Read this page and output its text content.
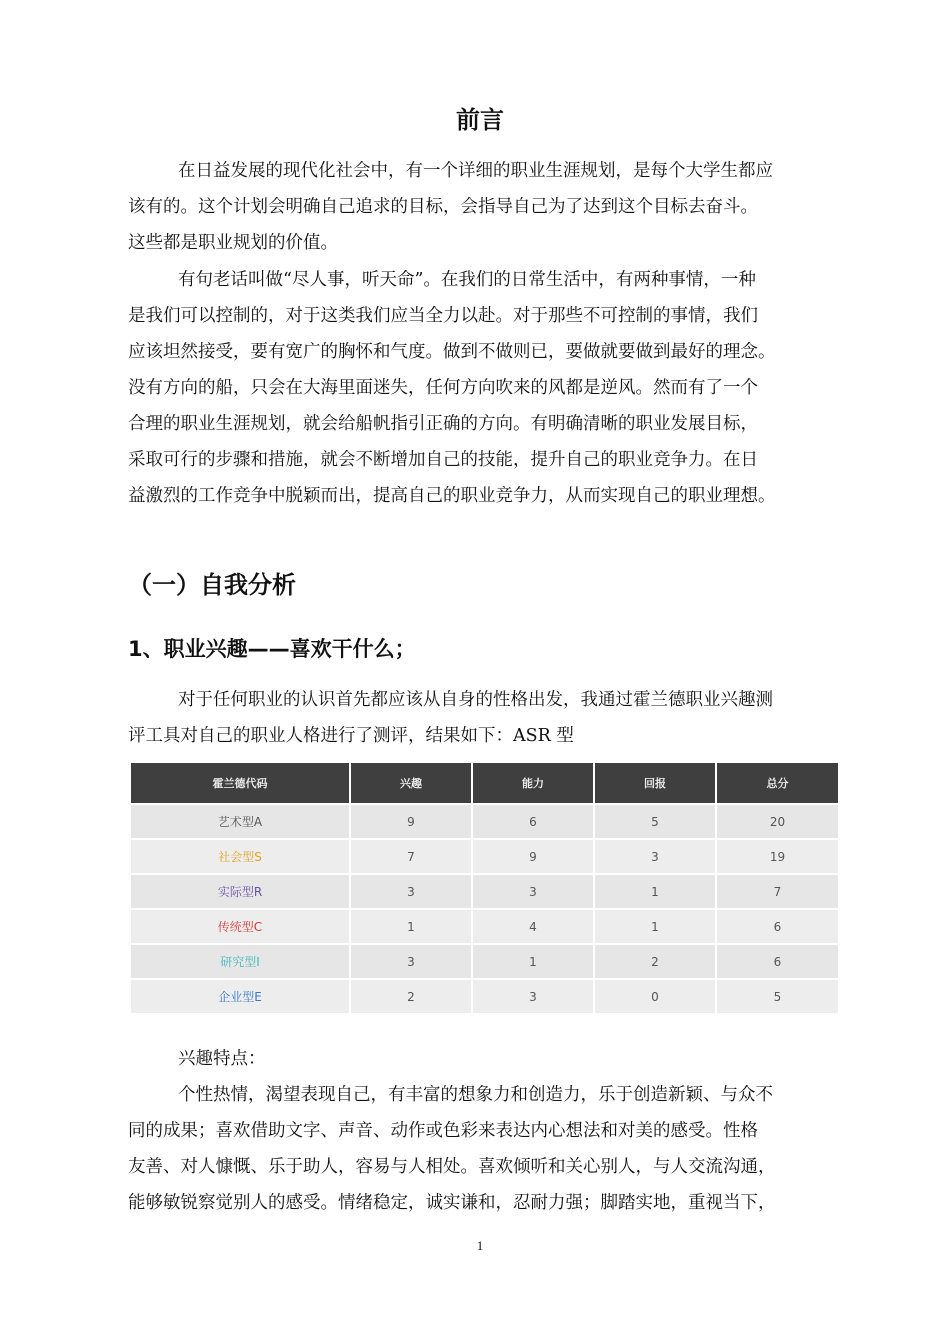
前言
在日益发展的现代化社会中，有一个详细的职业生涯规划，是每个大学生都应
该有的。这个计划会明确自己追求的目标，会指导自己为了达到这个目标去奋斗。
这些都是职业规划的价值。
有句老话叫做“尽人事，听天命”。在我们的日常生活中，有两种事情，一种
是我们可以控制的，对于这类我们应当全力以赴。对于那些不可控制的事情，我们
应该坦然接受，要有宽广的胸怀和气度。做到不做则已，要做就要做到最好的理念。
没有方向的船，只会在大海里面迷失，任何方向吹来的风都是逆风。然而有了一个
合理的职业生涯规划，就会给船帆指引正确的方向。有明确清晰的职业发展目标，
采取可行的步骤和措施，就会不断增加自己的技能，提升自己的职业竞争力。在日
益激烈的工作竞争中脱颖而出，提高自己的职业竞争力，从而实现自己的职业理想。
（一）自我分析
1、职业兴趣——喜欢干什么；
对于任何职业的认识首先都应该从自身的性格出发，我通过霍兰德职业兴趣测
评工具对自己的职业人格进行了测评，结果如下：ASR 型
霍兰德代码	兴趣	能力	回报	总分
艺术型A	9	6	5	20
社会型S	7	9	3	19
实际型R	3	3	1	7
传统型C	1	4	1	6
研究型I	3	1	2	6
企业型E	2	3	0	5
兴趣特点：
个性热情，渴望表现自己，有丰富的想象力和创造力，乐于创造新颖、与众不
同的成果；喜欢借助文字、声音、动作或色彩来表达内心想法和对美的感受。性格
友善、对人慷慨、乐于助人，容易与人相处。喜欢倾听和关心别人，与人交流沟通，
能够敏锐察觉别人的感受。情绪稳定，诚实谦和，忍耐力强；脚踏实地，重视当下，
1
